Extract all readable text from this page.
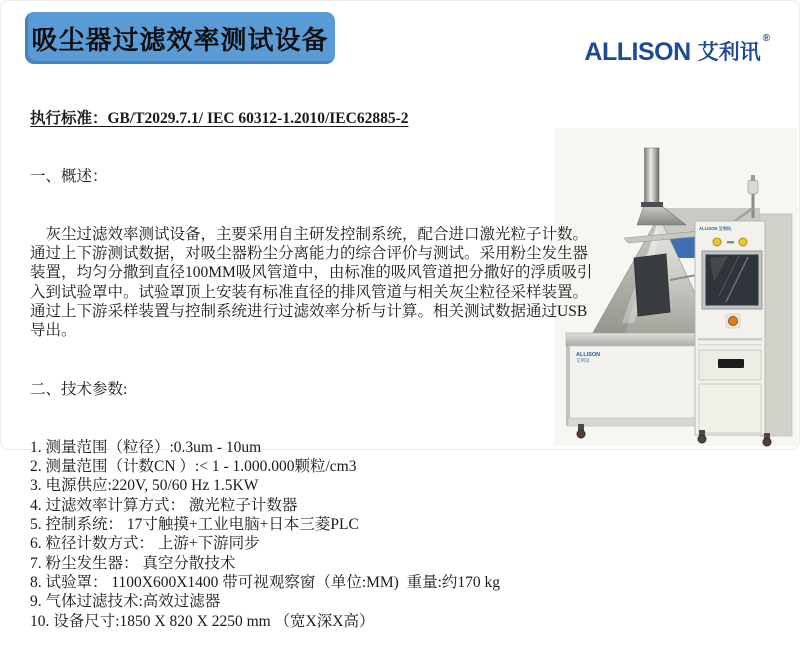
吸尘器过滤效率测试设备	ALLISON 艾利讯
®

执行标准：GB/T2029.7.1/ IEC 60312-1.2010/IEC62885-2

一、概述：

　灰尘过滤效率测试设备，主要采用自主研发控制系统，配合进口激光粒子计数。
通过上下游测试数据，对吸尘器粉尘分离能力的综合评价与测试。采用粉尘发生器
装置，均匀分撒到直径100MM吸风管道中，由标准的吸风管道把分撒好的浮质吸引
入到试验罩中。试验罩顶上安装有标准直径的排风管道与相关灰尘粒径采样装置。
通过上下游采样装置与控制系统进行过滤效率分析与计算。相关测试数据通过USB
导出。

二、技术参数:

1. 测量范围（粒径）:0.3um - 10um
2. 测量范围（计数CN ）:< 1 - 1.000.000颗粒/cm3
3. 电源供应:220V, 50/60 Hz 1.5KW
4. 过滤效率计算方式： 激光粒子计数器
5. 控制系统： 17寸触摸+工业电脑+日本三菱PLC
6. 粒径计数方式： 上游+下游同步
7. 粉尘发生器： 真空分散技术
8. 试验罩： 1100X600X1400 带可视观察窗（单位:MM)  重量:约170 kg
9. 气体过滤技术:高效过滤器
10. 设备尺寸:1850 X 820 X 2250 mm （宽X深X高）

ALLISON
艾利讯
ALLISON 艾利讯
